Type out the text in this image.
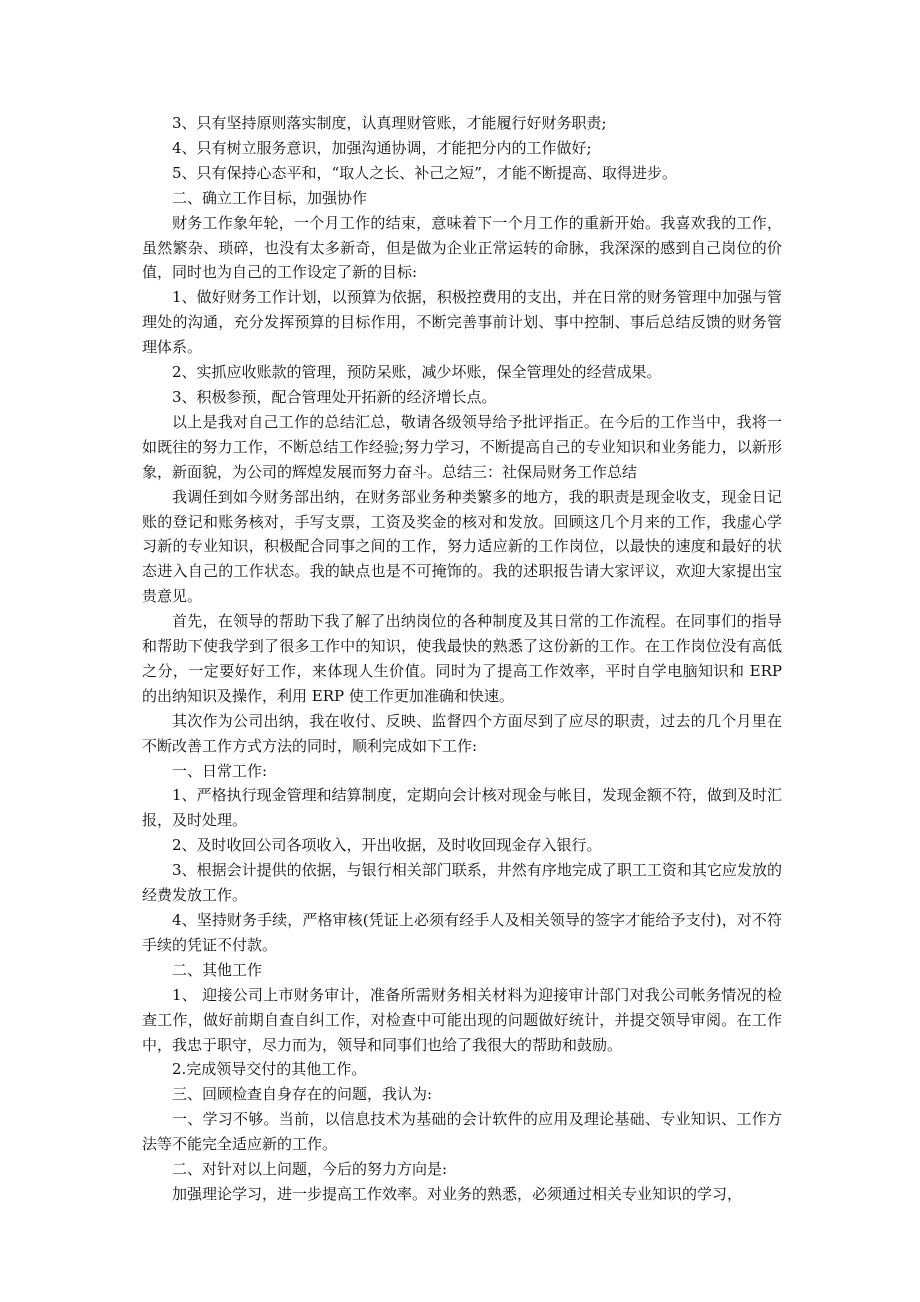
3、只有坚持原则落实制度，认真理财管账，才能履行好财务职责;

4、只有树立服务意识，加强沟通协调，才能把分内的工作做好;

5、只有保持心态平和，“取人之长、补己之短”，才能不断提高、取得进步。

二、确立工作目标，加强协作

财务工作象年轮，一个月工作的结束，意味着下一个月工作的重新开始。我喜欢我的工作，虽然繁杂、琐碎，也没有太多新奇，但是做为企业正常运转的命脉，我深深的感到自己岗位的价值，同时也为自己的工作设定了新的目标:

1、做好财务工作计划，以预算为依据，积极控费用的支出，并在日常的财务管理中加强与管理处的沟通，充分发挥预算的目标作用，不断完善事前计划、事中控制、事后总结反馈的财务管理体系。

2、实抓应收账款的管理，预防呆账，减少坏账，保全管理处的经营成果。

3、积极参预，配合管理处开拓新的经济增长点。

以上是我对自己工作的总结汇总，敬请各级领导给予批评指正。在今后的工作当中，我将一如既往的努力工作，不断总结工作经验;努力学习，不断提高自己的专业知识和业务能力，以新形象，新面貌，为公司的辉煌发展而努力奋斗。总结三：社保局财务工作总结

我调任到如今财务部出纳，在财务部业务种类繁多的地方，我的职责是现金收支，现金日记账的登记和账务核对，手写支票，工资及奖金的核对和发放。回顾这几个月来的工作，我虚心学习新的专业知识，积极配合同事之间的工作，努力适应新的工作岗位，以最快的速度和最好的状态进入自己的工作状态。我的缺点也是不可掩饰的。我的述职报告请大家评议，欢迎大家提出宝贵意见。

首先，在领导的帮助下我了解了出纳岗位的各种制度及其日常的工作流程。在同事们的指导和帮助下使我学到了很多工作中的知识，使我最快的熟悉了这份新的工作。在工作岗位没有高低之分，一定要好好工作，来体现人生价值。同时为了提高工作效率，平时自学电脑知识和 ERP 的出纳知识及操作，利用 ERP 使工作更加准确和快速。

其次作为公司出纳，我在收付、反映、监督四个方面尽到了应尽的职责，过去的几个月里在不断改善工作方式方法的同时，顺利完成如下工作:

一、日常工作:

1、严格执行现金管理和结算制度，定期向会计核对现金与帐目，发现金额不符，做到及时汇报，及时处理。

2、及时收回公司各项收入，开出收据，及时收回现金存入银行。

3、根据会计提供的依据，与银行相关部门联系，井然有序地完成了职工工资和其它应发放的经费发放工作。

4、坚持财务手续，严格审核(凭证上必须有经手人及相关领导的签字才能给予支付)，对不符手续的凭证不付款。

二、其他工作

1、 迎接公司上市财务审计，准备所需财务相关材料为迎接审计部门对我公司帐务情况的检查工作，做好前期自查自纠工作，对检查中可能出现的问题做好统计，并提交领导审阅。在工作中，我忠于职守，尽力而为，领导和同事们也给了我很大的帮助和鼓励。

2.完成领导交付的其他工作。

三、回顾检查自身存在的问题，我认为:

一、学习不够。当前，以信息技术为基础的会计软件的应用及理论基础、专业知识、工作方法等不能完全适应新的工作。

二、对针对以上问题，今后的努力方向是:

加强理论学习，进一步提高工作效率。对业务的熟悉，必须通过相关专业知识的学习，
